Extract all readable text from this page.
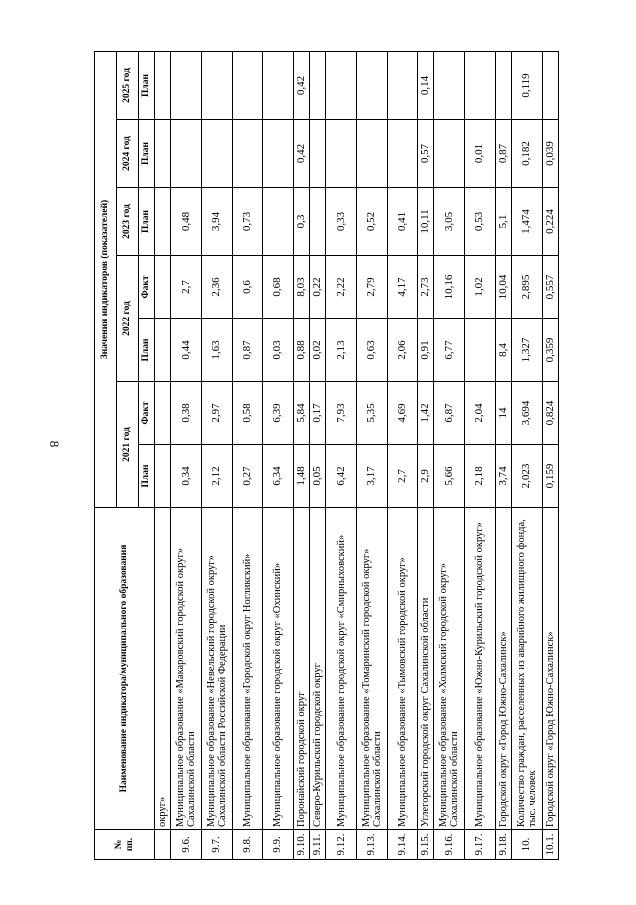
8
№ пп.	Наименование индикатора/муниципального образования	Значения индикаторов (показателей)						
		2021 год		2022 год		2023 год	2024 год	2025 год
		План	Факт	План	Факт	План	План	План
	округ»							
9.6.	Муниципальное образование «Макаровский городской округ» Сахалинской области	0,34	0,38	0,44	2,7	0,48		
9.7.	Муниципальное образование «Невельский городской округ» Сахалинской области Российской Федерации	2,12	2,97	1,63	2,36	3,94		
9.8.	Муниципальное образование «Городской округ Ногликский»	0,27	0,58	0,87	0,6	0,73		
9.9.	Муниципальное образование городской округ «Охинский»	6,34	6,39	0,03	0,68			
9.10.	Поронайский городской округ	1,48	5,84	0,88	8,03	0,3	0,42	0,42
9.11.	Северо-Курильский городской округ	0,05	0,17	0,02	0,22			
9.12.	Муниципальное образование городской округ «Смирныховский»	6,42	7,93	2,13	2,22	0,33		
9.13.	Муниципальное образование «Томаринский городской округ» Сахалинской области	3,17	5,35	0,63	2,79	0,52		
9.14.	Муниципальное образование «Тымовский городской округ»	2,7	4,69	2,06	4,17	0,41		
9.15.	Углегорский городской округ Сахалинской области	2,9	1,42	0,91	2,73	10,11	0,57	0,14
9.16.	Муниципальное образование «Холмский городской округ» Сахалинской области	5,66	6,87	6,77	10,16	3,05		
9.17.	Муниципальное образование «Южно-Курильский городской округ»	2,18	2,04		1,02	0,53	0,01	
9.18.	Городской округ «Город Южно-Сахалинск»	3,74	14	8,4	10,04	5,1	0,87	
10.	Количество граждан, расселенных из аварийного жилищного фонда, тыс. человек	2,023	3,694	1,327	2,895	1,474	0,182	0,119
10.1.	Городской округ «Город Южно-Сахалинск»	0,159	0,824	0,359	0,557	0,224	0,039	
